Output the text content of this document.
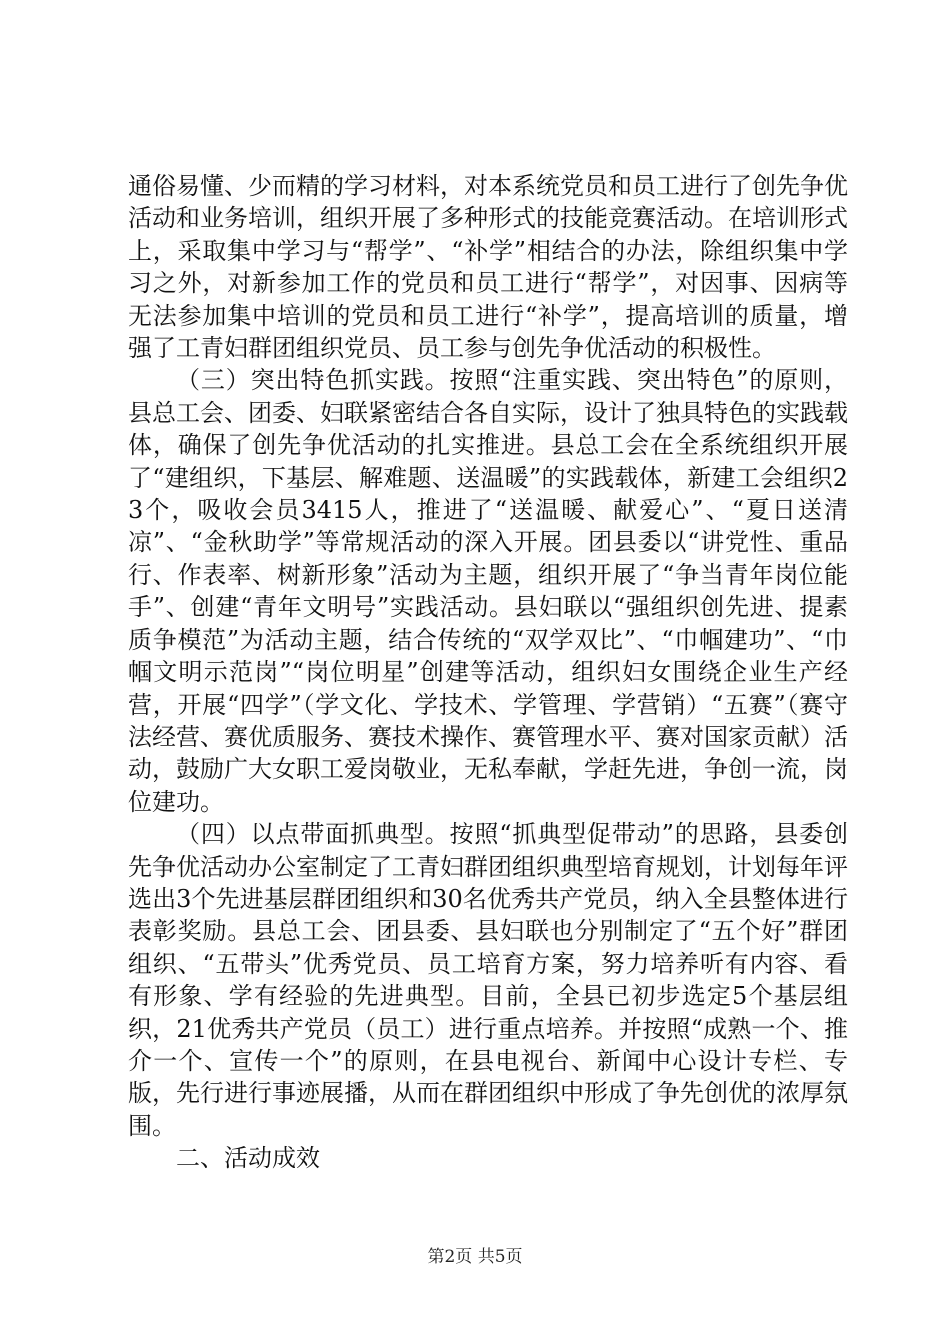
通俗易懂、少而精的学习材料，对本系统党员和员工进行了创先争优活动和业务培训，组织开展了多种形式的技能竞赛活动。在培训形式上，采取集中学习与“帮学”、“补学”相结合的办法，除组织集中学习之外，对新参加工作的党员和员工进行“帮学”，对因事、因病等无法参加集中培训的党员和员工进行“补学”，提高培训的质量，增强了工青妇群团组织党员、员工参与创先争优活动的积极性。

（三）突出特色抓实践。按照“注重实践、突出特色”的原则，县总工会、团委、妇联紧密结合各自实际，设计了独具特色的实践载体，确保了创先争优活动的扎实推进。县总工会在全系统组织开展了“建组织，下基层、解难题、送温暖”的实践载体，新建工会组织23个，吸收会员3415人，推进了“送温暖、献爱心”、“夏日送清凉”、“金秋助学”等常规活动的深入开展。团县委以“讲党性、重品行、作表率、树新形象”活动为主题，组织开展了“争当青年岗位能手”、创建“青年文明号”实践活动。县妇联以“强组织创先进、提素质争模范”为活动主题，结合传统的“双学双比”、“巾帼建功”、“巾帼文明示范岗”“岗位明星”创建等活动，组织妇女围绕企业生产经营，开展“四学”（学文化、学技术、学管理、学营销）“五赛”（赛守法经营、赛优质服务、赛技术操作、赛管理水平、赛对国家贡献）活动，鼓励广大女职工爱岗敬业，无私奉献，学赶先进，争创一流，岗位建功。

（四）以点带面抓典型。按照“抓典型促带动”的思路，县委创先争优活动办公室制定了工青妇群团组织典型培育规划，计划每年评选出3个先进基层群团组织和30名优秀共产党员，纳入全县整体进行表彰奖励。县总工会、团县委、县妇联也分别制定了“五个好”群团组织、“五带头”优秀党员、员工培育方案，努力培养听有内容、看有形象、学有经验的先进典型。目前，全县已初步选定5个基层组织，21优秀共产党员（员工）进行重点培养。并按照“成熟一个、推介一个、宣传一个”的原则，在县电视台、新闻中心设计专栏、专版，先行进行事迹展播，从而在群团组织中形成了争先创优的浓厚氛围。

二、活动成效

第2页 共5页
